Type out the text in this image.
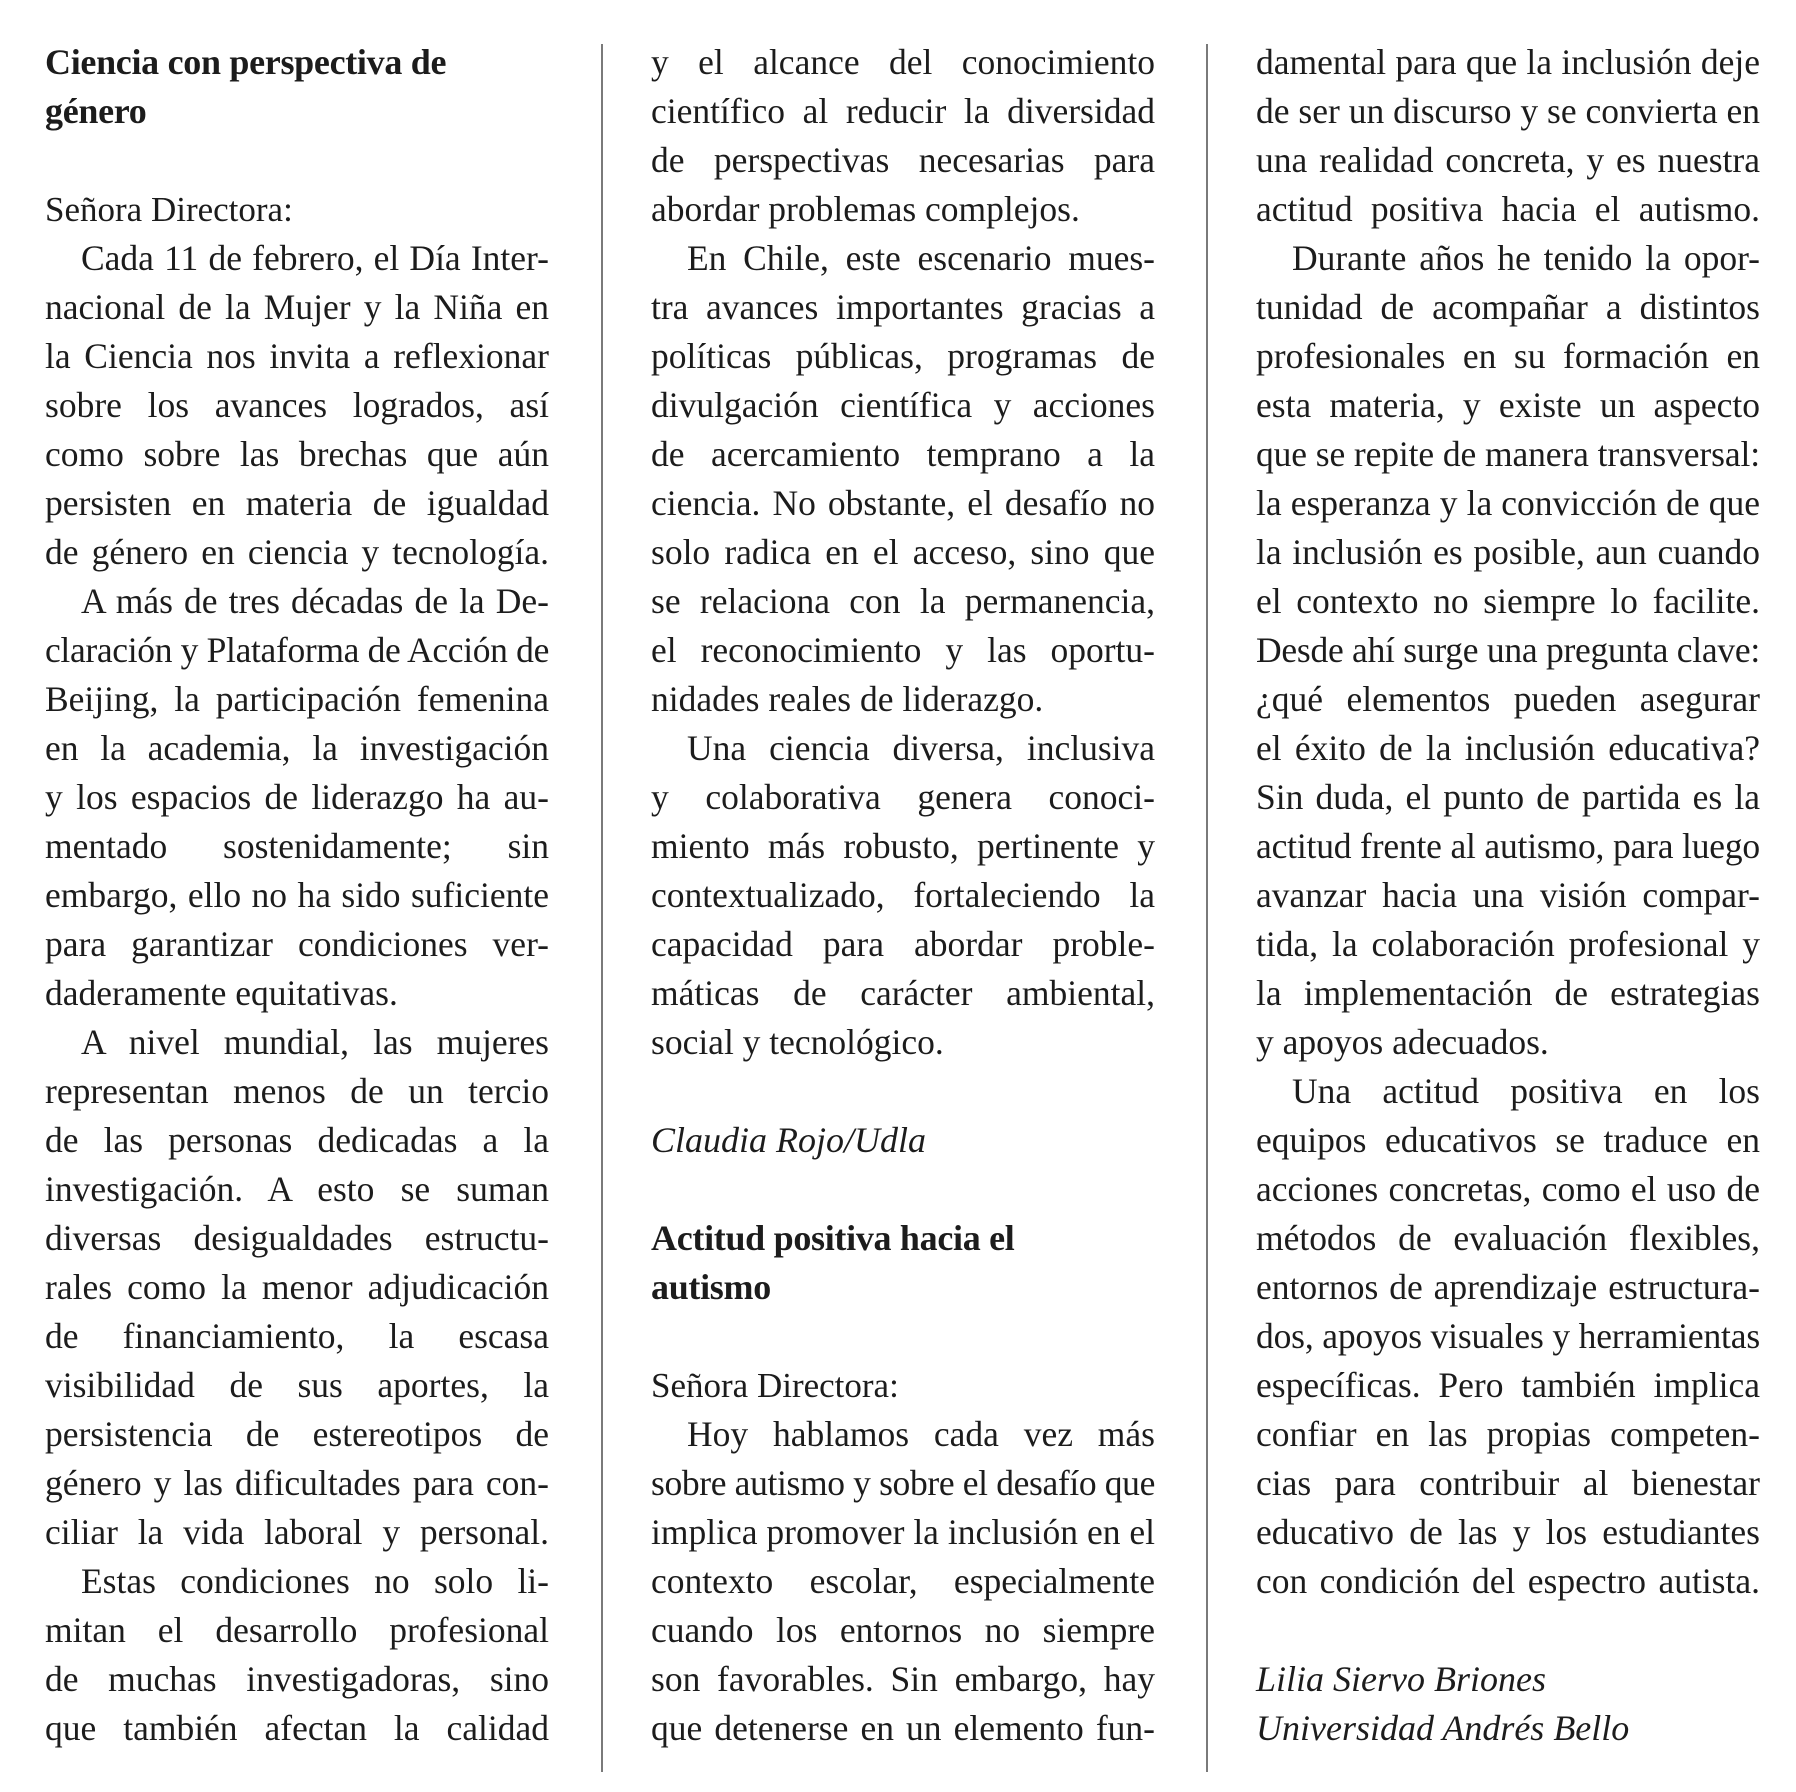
Ciencia con perspectiva de
género
Señora Directora:
Cada 11 de febrero, el Día Inter-
nacional de la Mujer y la Niña en
la Ciencia nos invita a reflexionar
sobre los avances logrados, así
como sobre las brechas que aún
persisten en materia de igualdad
de género en ciencia y tecnología.
A más de tres décadas de la De-
claración y Plataforma de Acción de
Beijing, la participación femenina
en la academia, la investigación
y los espacios de liderazgo ha au-
mentado sostenidamente; sin
embargo, ello no ha sido suficiente
para garantizar condiciones ver-
daderamente equitativas.
A nivel mundial, las mujeres
representan menos de un tercio
de las personas dedicadas a la
investigación. A esto se suman
diversas desigualdades estructu-
rales como la menor adjudicación
de financiamiento, la escasa
visibilidad de sus aportes, la
persistencia de estereotipos de
género y las dificultades para con-
ciliar la vida laboral y personal.
Estas condiciones no solo li-
mitan el desarrollo profesional
de muchas investigadoras, sino
que también afectan la calidad
y el alcance del conocimiento
científico al reducir la diversidad
de perspectivas necesarias para
abordar problemas complejos.
En Chile, este escenario mues-
tra avances importantes gracias a
políticas públicas, programas de
divulgación científica y acciones
de acercamiento temprano a la
ciencia. No obstante, el desafío no
solo radica en el acceso, sino que
se relaciona con la permanencia,
el reconocimiento y las oportu-
nidades reales de liderazgo.
Una ciencia diversa, inclusiva
y colaborativa genera conoci-
miento más robusto, pertinente y
contextualizado, fortaleciendo la
capacidad para abordar proble-
máticas de carácter ambiental,
social y tecnológico.
Claudia Rojo/Udla
Actitud positiva hacia el
autismo
Señora Directora:
Hoy hablamos cada vez más
sobre autismo y sobre el desafío que
implica promover la inclusión en el
contexto escolar, especialmente
cuando los entornos no siempre
son favorables. Sin embargo, hay
que detenerse en un elemento fun-
damental para que la inclusión deje
de ser un discurso y se convierta en
una realidad concreta, y es nuestra
actitud positiva hacia el autismo.
Durante años he tenido la opor-
tunidad de acompañar a distintos
profesionales en su formación en
esta materia, y existe un aspecto
que se repite de manera transversal:
la esperanza y la convicción de que
la inclusión es posible, aun cuando
el contexto no siempre lo facilite.
Desde ahí surge una pregunta clave:
¿qué elementos pueden asegurar
el éxito de la inclusión educativa?
Sin duda, el punto de partida es la
actitud frente al autismo, para luego
avanzar hacia una visión compar-
tida, la colaboración profesional y
la implementación de estrategias
y apoyos adecuados.
Una actitud positiva en los
equipos educativos se traduce en
acciones concretas, como el uso de
métodos de evaluación flexibles,
entornos de aprendizaje estructura-
dos, apoyos visuales y herramientas
específicas. Pero también implica
confiar en las propias competen-
cias para contribuir al bienestar
educativo de las y los estudiantes
con condición del espectro autista.
Lilia Siervo Briones
Universidad Andrés Bello
